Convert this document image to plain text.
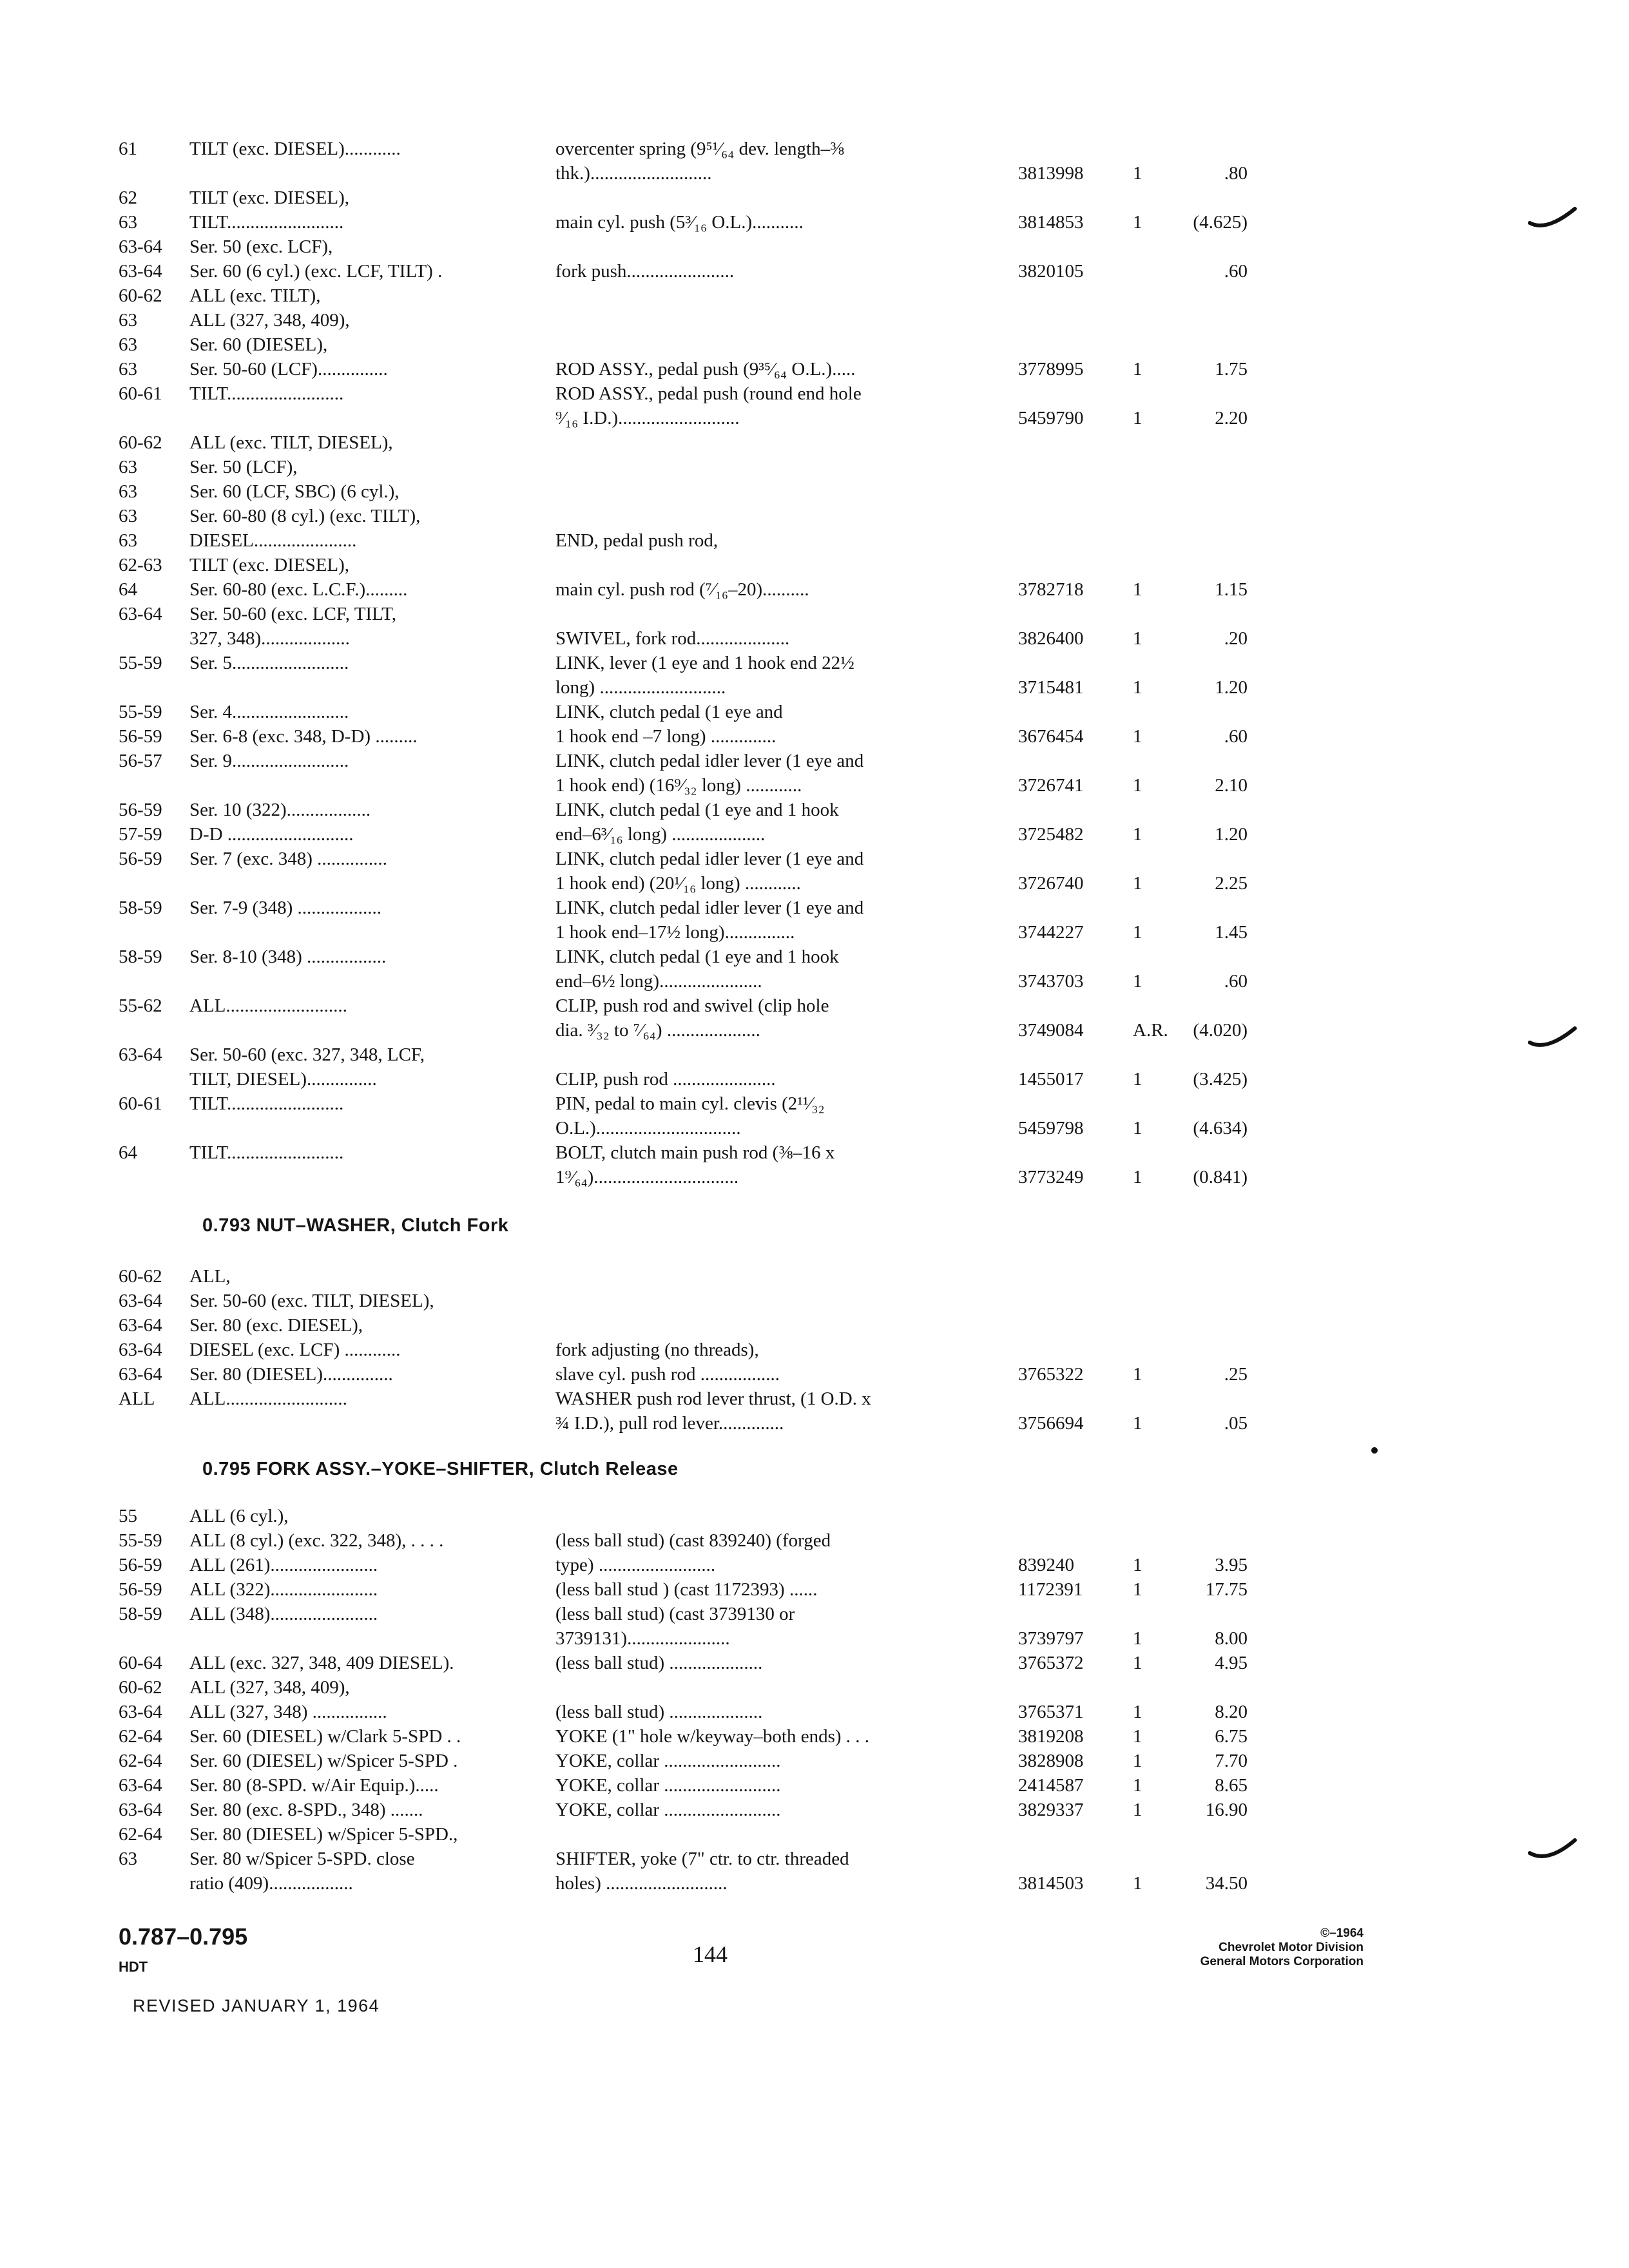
61	TILT (exc. DIESEL)............	overcenter spring (9⁵¹⁄₆₄ dev. length–⅜
thk.)..........................	3813998	1	.80
62	TILT (exc. DIESEL),
63	TILT.........................	main cyl. push (5³⁄₁₆ O.L.)...........	3814853	1	(4.625)
63-64 Ser. 50 (exc. LCF),
63-64 Ser. 60 (6 cyl.) (exc. LCF, TILT) .	fork push.......................	3820105	.60
60-62 ALL (exc. TILT),
63	ALL (327, 348, 409),
63	Ser. 60 (DIESEL),
63	Ser. 50-60 (LCF)...............	ROD ASSY., pedal push (9³⁵⁄₆₄ O.L.).....	3778995	1	1.75
60-61 TILT.........................	ROD ASSY., pedal push (round end hole
⁹⁄₁₆ I.D.)..........................	5459790	1	2.20
60-62 ALL (exc. TILT, DIESEL),
63	Ser. 50 (LCF),
63	Ser. 60 (LCF, SBC) (6 cyl.),
63	Ser. 60-80 (8 cyl.) (exc. TILT),
63	DIESEL......................	END, pedal push rod,
62-63 TILT (exc. DIESEL),
64	Ser. 60-80 (exc. L.C.F.).........	main cyl. push rod (⁷⁄₁₆–20)..........	3782718	1	1.15
63-64 Ser. 50-60 (exc. LCF, TILT,
327, 348)...................	SWIVEL, fork rod....................	3826400	1	.20
55-59 Ser. 5.........................	LINK, lever (1 eye and 1 hook end 22½
long) ...........................	3715481	1	1.20
55-59 Ser. 4.........................	LINK, clutch pedal (1 eye and
56-59 Ser. 6-8 (exc. 348, D-D) .........	1 hook end –7 long) ..............	3676454	1	.60
56-57 Ser. 9.........................	LINK, clutch pedal idler lever (1 eye and
1 hook end) (16⁹⁄₃₂ long) ............	3726741	1	2.10
56-59 Ser. 10 (322)..................	LINK, clutch pedal (1 eye and 1 hook
57-59 D-D ...........................	end–6³⁄₁₆ long) ....................	3725482	1	1.20
56-59 Ser. 7 (exc. 348) ...............	LINK, clutch pedal idler lever (1 eye and
1 hook end) (20¹⁄₁₆ long) ............	3726740	1	2.25
58-59 Ser. 7-9 (348) ..................	LINK, clutch pedal idler lever (1 eye and
1 hook end–17½ long)...............	3744227	1	1.45
58-59 Ser. 8-10 (348) .................	LINK, clutch pedal (1 eye and 1 hook
end–6½ long)......................	3743703	1	.60
55-62 ALL..........................	CLIP, push rod and swivel (clip hole
dia. ³⁄₃₂ to ⁷⁄₆₄) ....................	3749084	A.R.	(4.020)
63-64 Ser. 50-60 (exc. 327, 348, LCF,
TILT, DIESEL)...............	CLIP, push rod ......................	1455017	1	(3.425)
60-61 TILT.........................	PIN, pedal to main cyl. clevis (2¹¹⁄₃₂
O.L.)...............................	5459798	1	(4.634)
64	TILT.........................	BOLT, clutch main push rod (⅜–16 x
1⁹⁄₆₄)...............................	3773249	1	(0.841)
0.793 NUT–WASHER, Clutch Fork
60-62 ALL,
63-64 Ser. 50-60 (exc. TILT, DIESEL),
63-64 Ser. 80 (exc. DIESEL),
63-64 DIESEL (exc. LCF) ............	fork adjusting (no threads),
63-64 Ser. 80 (DIESEL)...............	slave cyl. push rod .................	3765322	1	.25
ALL ALL..........................	WASHER push rod lever thrust, (1 O.D. x
¾ I.D.), pull rod lever..............	3756694	1	.05
0.795 FORK ASSY.–YOKE–SHIFTER, Clutch Release
55	ALL (6 cyl.),
55-59 ALL (8 cyl.) (exc. 322, 348), . . . .	(less ball stud) (cast 839240) (forged
56-59 ALL (261).......................	type) .........................	839240	1	3.95
56-59 ALL (322).......................	(less ball stud ) (cast 1172393) ......	1172391	1	17.75
58-59 ALL (348).......................	(less ball stud) (cast 3739130 or
3739131)......................	3739797	1	8.00
60-64 ALL (exc. 327, 348, 409 DIESEL).	(less ball stud) ....................	3765372	1	4.95
60-62 ALL (327, 348, 409),
63-64 ALL (327, 348) ................	(less ball stud) ....................	3765371	1	8.20
62-64 Ser. 60 (DIESEL) w/Clark 5-SPD . .	YOKE (1" hole w/keyway–both ends) . . .	3819208	1	6.75
62-64 Ser. 60 (DIESEL) w/Spicer 5-SPD .	YOKE, collar .........................	3828908	1	7.70
63-64 Ser. 80 (8-SPD. w/Air Equip.).....	YOKE, collar .........................	2414587	1	8.65
63-64 Ser. 80 (exc. 8-SPD., 348) .......	YOKE, collar .........................	3829337	1	16.90
62-64 Ser. 80 (DIESEL) w/Spicer 5-SPD.,
63	Ser. 80 w/Spicer 5-SPD. close	SHIFTER, yoke (7" ctr. to ctr. threaded
ratio (409)..................	holes) ..........................	3814503	1	34.50
0.787–0.795
HDT	144
REVISED JANUARY 1, 1964
©–1964
Chevrolet Motor Division
General Motors Corporation
